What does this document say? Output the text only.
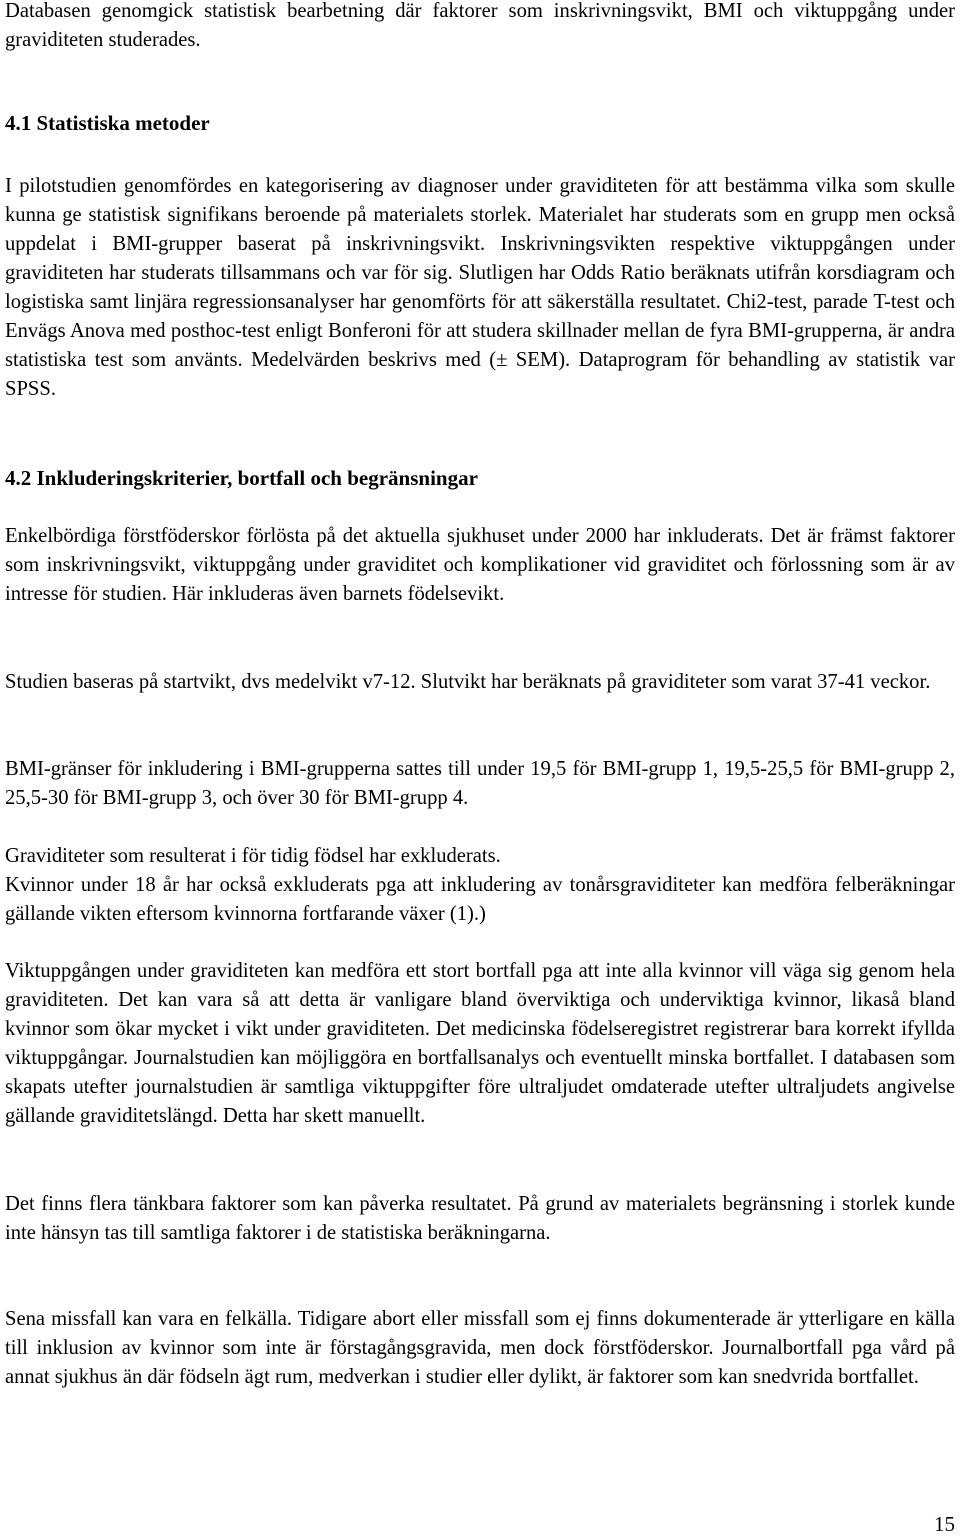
Databasen genomgick statistisk bearbetning där faktorer som inskrivningsvikt, BMI och viktuppgång under graviditeten studerades.

4.1 Statistiska metoder

I pilotstudien genomfördes en kategorisering av diagnoser under graviditeten för att bestämma vilka som skulle kunna ge statistisk signifikans beroende på materialets storlek. Materialet har studerats som en grupp men också uppdelat i BMI-grupper baserat på inskrivningsvikt. Inskrivningsvikten respektive viktuppgången under graviditeten har studerats tillsammans och var för sig. Slutligen har Odds Ratio beräknats utifrån korsdiagram och logistiska samt linjära regressionsanalyser har genomförts för att säkerställa resultatet. Chi2-test, parade T-test och Envägs Anova med posthoc-test enligt Bonferoni för att studera skillnader mellan de fyra BMI-grupperna, är andra statistiska test som använts. Medelvärden beskrivs med (± SEM). Dataprogram för behandling av statistik var SPSS.

4.2 Inkluderingskriterier, bortfall och begränsningar

Enkelbördiga förstföderskor förlösta på det aktuella sjukhuset under 2000 har inkluderats. Det är främst faktorer som inskrivningsvikt, viktuppgång under graviditet och komplikationer vid graviditet och förlossning som är av intresse för studien. Här inkluderas även barnets födelsevikt.

Studien baseras på startvikt, dvs medelvikt v7-12. Slutvikt har beräknats på graviditeter som varat 37-41 veckor.

BMI-gränser för inkludering i BMI-grupperna sattes till under 19,5 för BMI-grupp 1, 19,5-25,5 för BMI-grupp 2, 25,5-30 för BMI-grupp 3, och över 30 för BMI-grupp 4.

Graviditeter som resulterat i för tidig födsel har exkluderats.

Kvinnor under 18 år har också exkluderats pga att inkludering av tonårsgraviditeter kan medföra felberäkningar gällande vikten eftersom kvinnorna fortfarande växer (1).)

Viktuppgången under graviditeten kan medföra ett stort bortfall pga att inte alla kvinnor vill väga sig genom hela graviditeten. Det kan vara så att detta är vanligare bland överviktiga och underviktiga kvinnor, likaså bland kvinnor som ökar mycket i vikt under graviditeten. Det medicinska födelseregistret registrerar bara korrekt ifyllda viktuppgångar. Journalstudien kan möjliggöra en bortfallsanalys och eventuellt minska bortfallet. I databasen som skapats utefter journalstudien är samtliga viktuppgifter före ultraljudet omdaterade utefter ultraljudets angivelse gällande graviditetslängd. Detta har skett manuellt.

Det finns flera tänkbara faktorer som kan påverka resultatet. På grund av materialets begränsning i storlek kunde inte hänsyn tas till samtliga faktorer i de statistiska beräkningarna.

Sena missfall kan vara en felkälla. Tidigare abort eller missfall som ej finns dokumenterade är ytterligare en källa till inklusion av kvinnor som inte är förstagångsgravida, men dock förstföderskor. Journalbortfall pga vård på annat sjukhus än där födseln ägt rum, medverkan i studier eller dylikt, är faktorer som kan snedvrida bortfallet.

15
